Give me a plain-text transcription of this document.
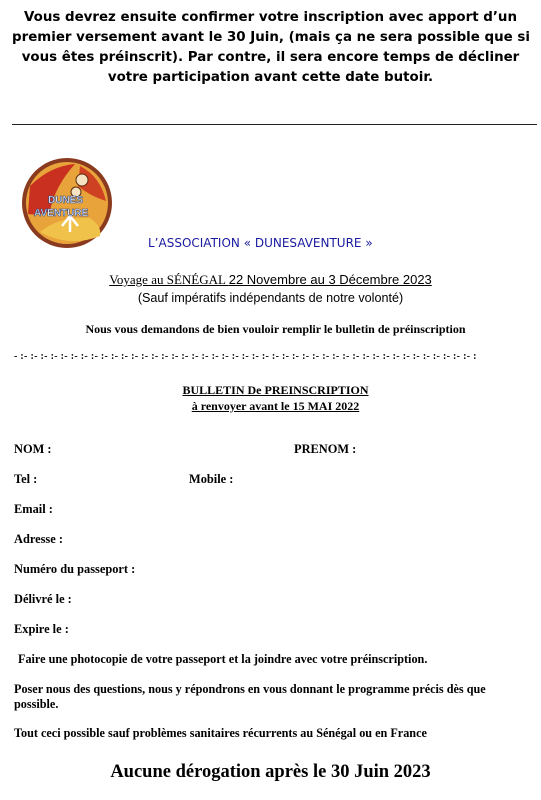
Vous devrez ensuite confirmer votre inscription avec apport d’un
premier versement avant le 30 Juin, (mais ça ne sera possible que si
vous êtes préinscrit). Par contre, il sera encore temps de décliner
votre participation avant cette date butoir.
DUNES
AVENTURE
L’ASSOCIATION « DUNESAVENTURE »
Voyage au SÉNÉGAL 22 Novembre au 3 Décembre 2023
(Sauf impératifs indépendants de notre volonté)
Nous vous demandons de bien vouloir remplir le bulletin de préinscription
- :- :- :- :- :- :- :- :- :- :- :- :- :- :- :- :- :- :- :- :- :- :- :- :- :- :- :- :- :- :- :- :- :- :- :- :- :- :- :- :- :- :- :- :- :- :
BULLETIN De PREINSCRIPTION
à renvoyer avant le 15 MAI 2022
NOM :	PRENOM :
Tel :	Mobile :
Email :
Adresse :
Numéro du passeport :
Délivré le :
Expire le :
Faire une photocopie de votre passeport et la joindre avec votre préinscription.
Poser nous des questions, nous y répondrons en vous donnant le programme précis dès que
possible.
Tout ceci possible sauf problèmes sanitaires récurrents au Sénégal ou en France
Aucune dérogation après le 30 Juin 2023
